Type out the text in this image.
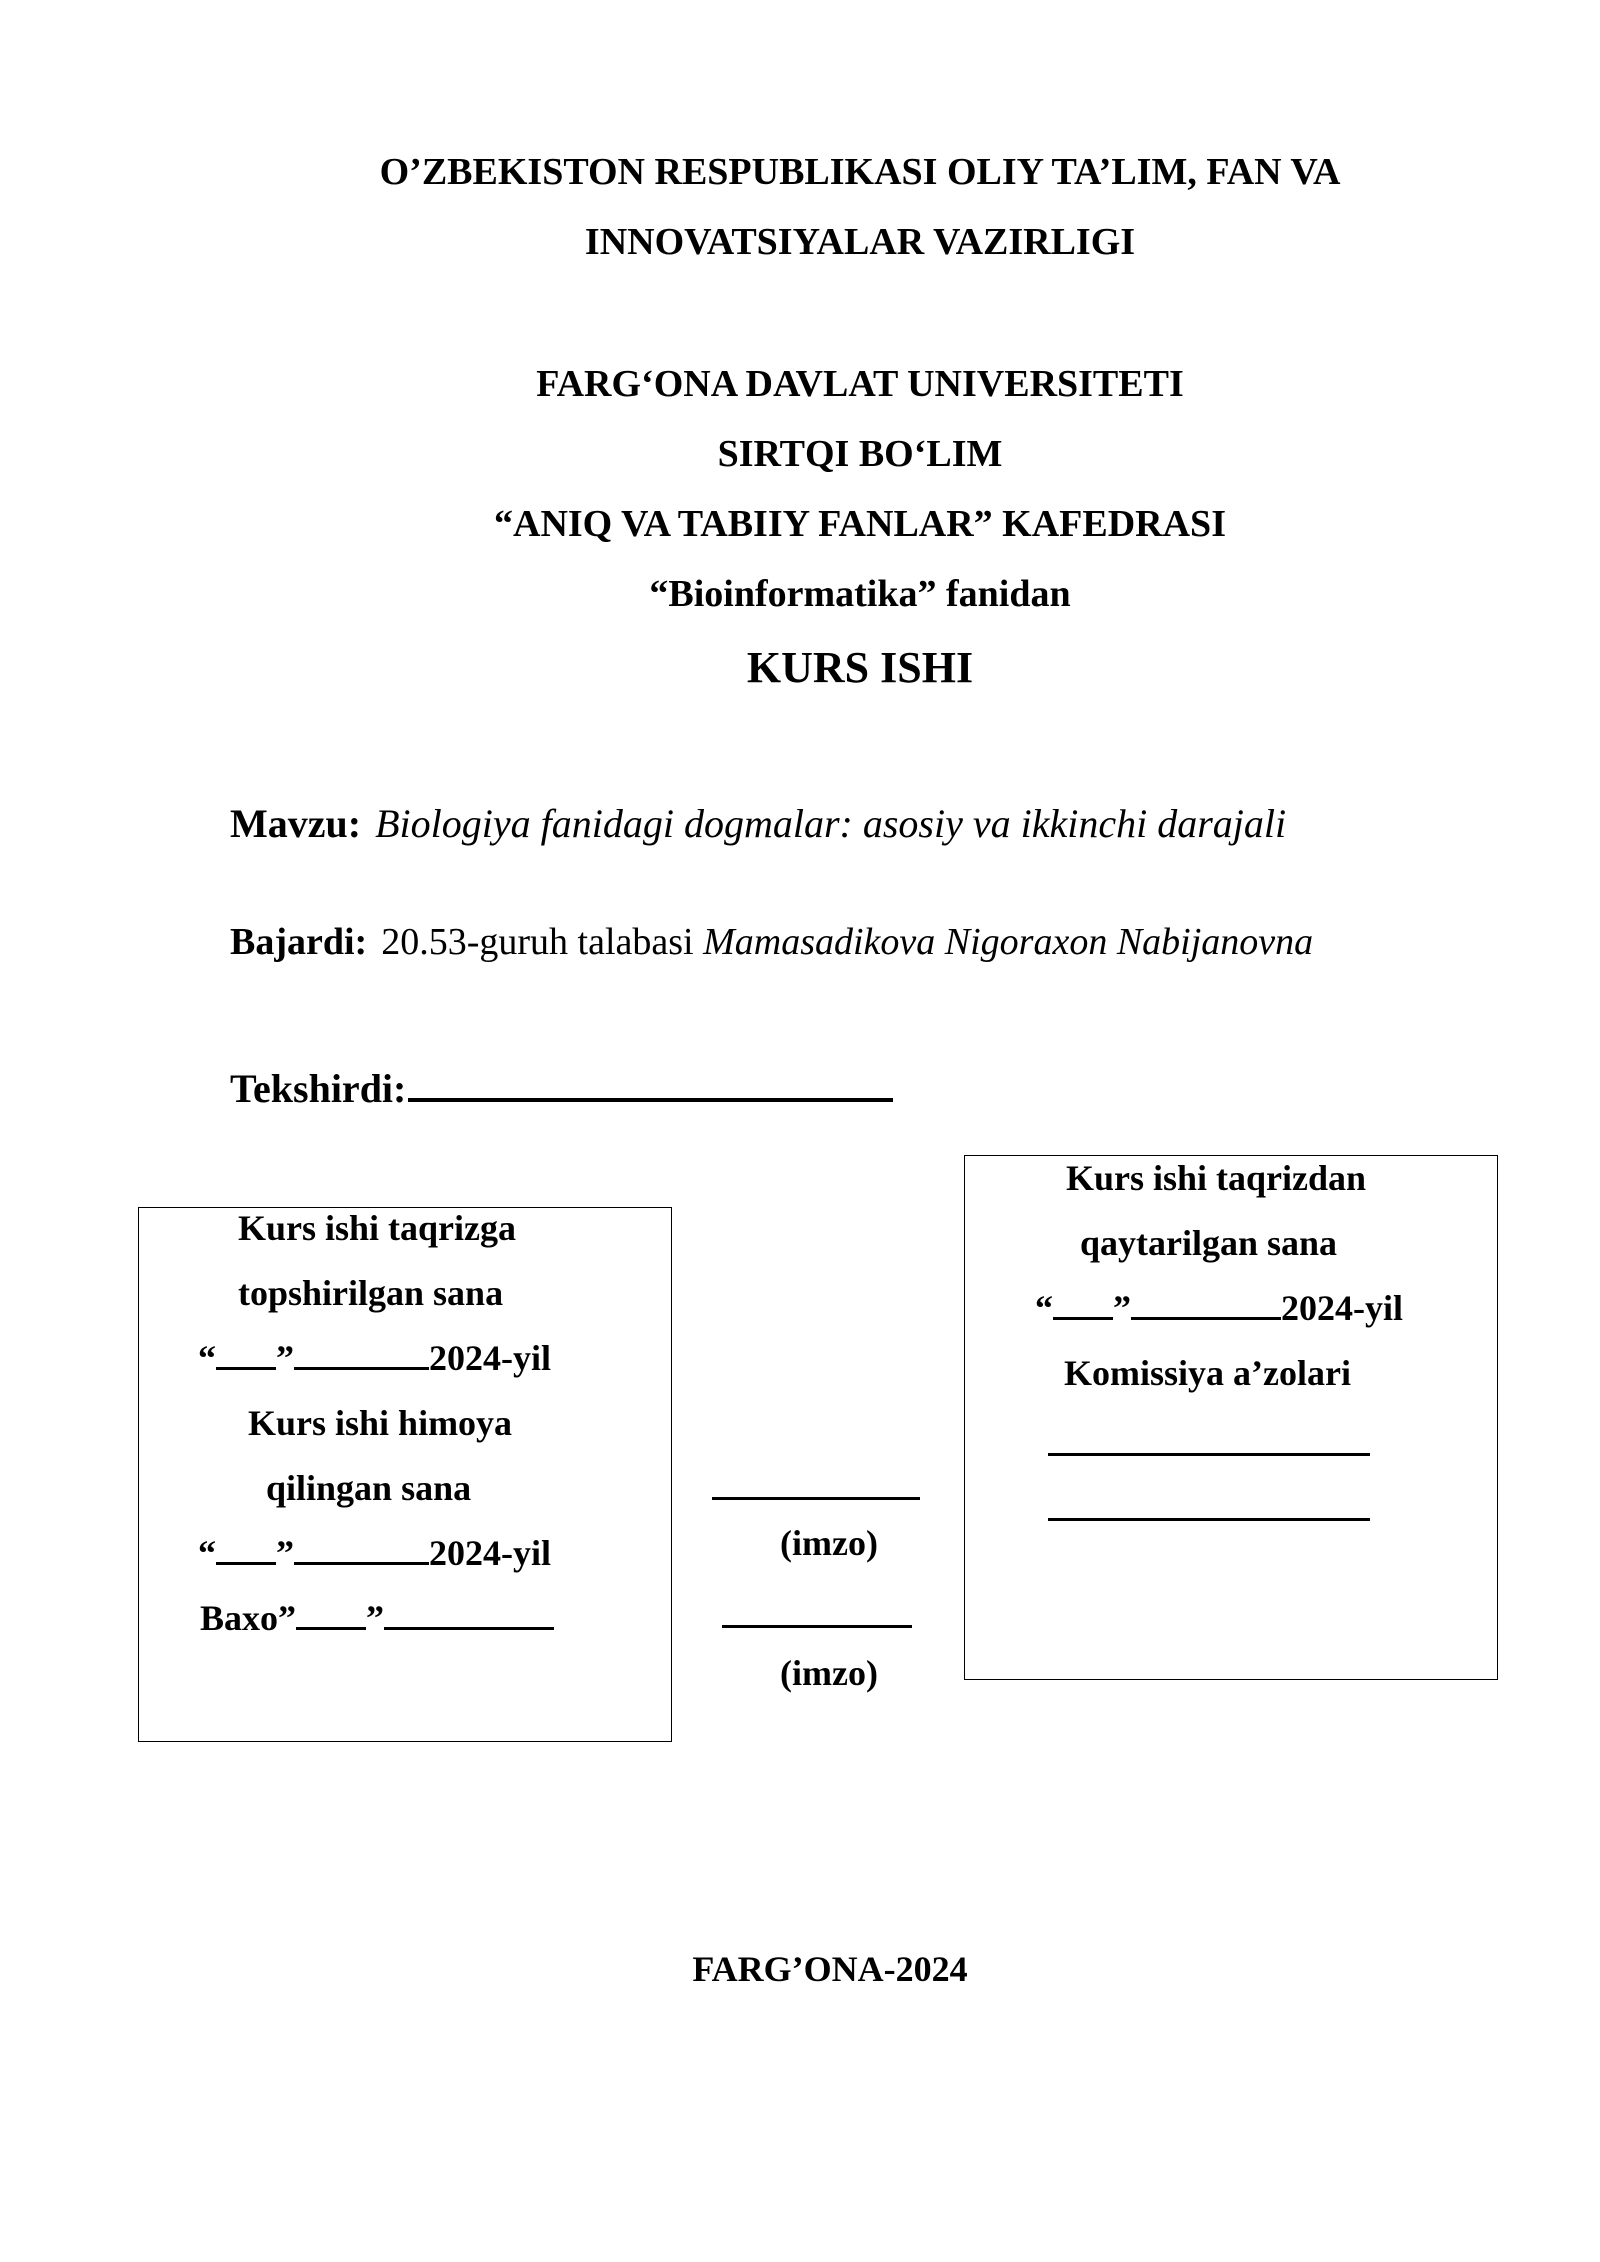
O’ZBEKISTON RESPUBLIKASI OLIY TA’LIM, FAN VA
INNOVATSIYALAR VAZIRLIGI
FARG‘ONA DAVLAT UNIVERSITETI
SIRTQI BO‘LIM
“ANIQ VA TABIIY FANLAR” KAFEDRASI
“Bioinformatika” fanidan
KURS ISHI
Mavzu: Biologiya fanidagi dogmalar: asosiy va ikkinchi darajali
Bajardi: 20.53-guruh talabasi Mamasadikova Nigoraxon Nabijanovna
Tekshirdi:
Kurs ishi taqrizga
topshirilgan sana
“ ”	2024-yil
Kurs ishi himoya
qilingan sana
“ ”	2024-yil
Baxo” ”
(imzo)
(imzo)
Kurs ishi taqrizdan
qaytarilgan sana
“ ”	2024-yil
Komissiya a’zolari
FARG’ONA-2024
